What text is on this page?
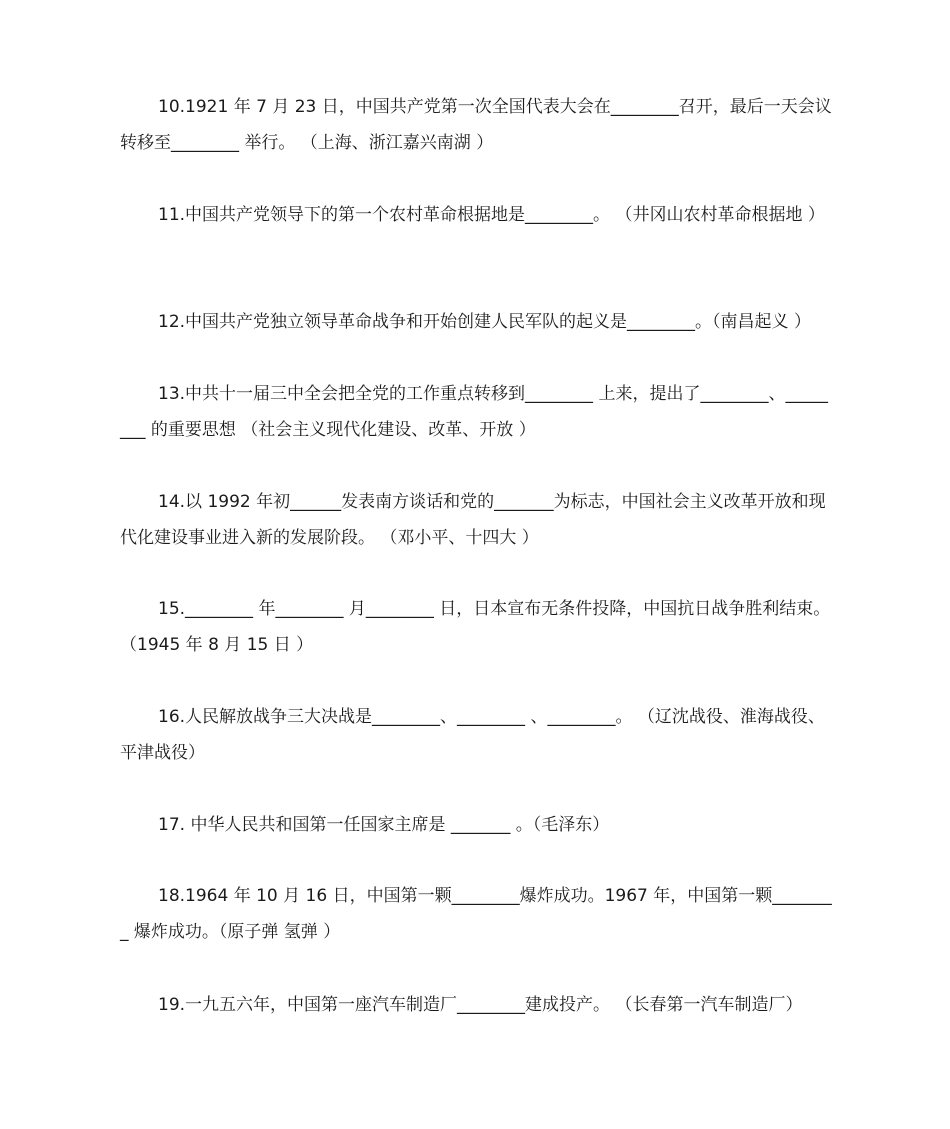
10.1921 年 7 月 23 日，中国共产党第一次全国代表大会在________召开，最后一天会议转移至________ 举行。 （上海、浙江嘉兴南湖 ）

11.中国共产党领导下的第一个农村革命根据地是________。 （井冈山农村革命根据地 ）

12.中国共产党独立领导革命战争和开始创建人民军队的起义是________。（南昌起义 ）

13.中共十一届三中全会把全党的工作重点转移到________ 上来，提出了________、________ 的重要思想 （社会主义现代化建设、改革、开放 ）

14.以 1992 年初______发表南方谈话和党的_______为标志，中国社会主义改革开放和现代化建设事业进入新的发展阶段。 （邓小平、十四大 ）

15.________ 年________ 月________ 日，日本宣布无条件投降，中国抗日战争胜利结束。（1945 年 8 月 15 日 ）

16.人民解放战争三大决战是________、________ 、________。 （辽沈战役、淮海战役、平津战役）

17. 中华人民共和国第一任国家主席是 _______ 。（毛泽东）

18.1964 年 10 月 16 日，中国第一颗________爆炸成功。1967 年，中国第一颗________ 爆炸成功。（原子弹 氢弹 ）

19.一九五六年，中国第一座汽车制造厂________建成投产。 （长春第一汽车制造厂）
